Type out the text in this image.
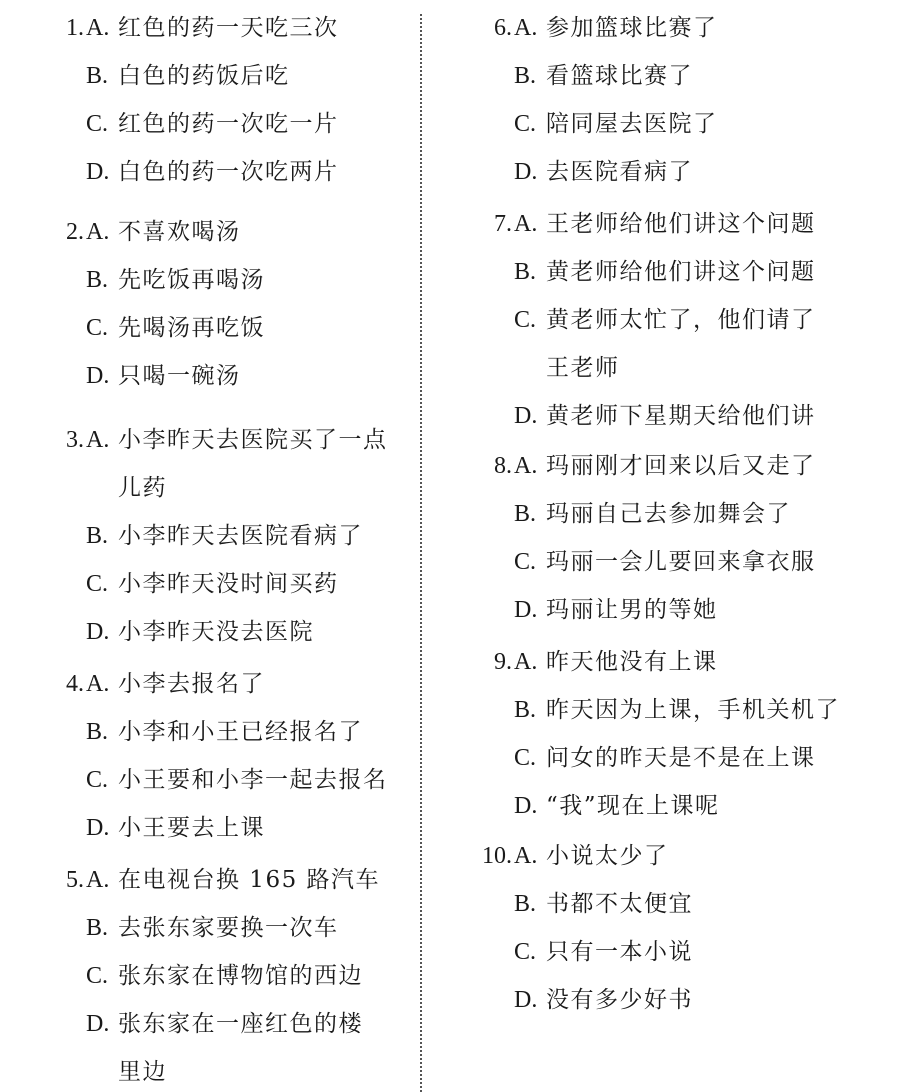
1. A. 红色的药一天吃三次
B. 白色的药饭后吃
C. 红色的药一次吃一片
D. 白色的药一次吃两片
2. A. 不喜欢喝汤
B. 先吃饭再喝汤
C. 先喝汤再吃饭
D. 只喝一碗汤
3. A. 小李昨天去医院买了一点
儿药
B. 小李昨天去医院看病了
C. 小李昨天没时间买药
D. 小李昨天没去医院
4. A. 小李去报名了
B. 小李和小王已经报名了
C. 小王要和小李一起去报名
D. 小王要去上课
5. A. 在电视台换 165 路汽车
B. 去张东家要换一次车
C. 张东家在博物馆的西边
D. 张东家在一座红色的楼
里边
6. A. 参加篮球比赛了
B. 看篮球比赛了
C. 陪同屋去医院了
D. 去医院看病了
7. A. 王老师给他们讲这个问题
B. 黄老师给他们讲这个问题
C. 黄老师太忙了，他们请了
王老师
D. 黄老师下星期天给他们讲
8. A. 玛丽刚才回来以后又走了
B. 玛丽自己去参加舞会了
C. 玛丽一会儿要回来拿衣服
D. 玛丽让男的等她
9. A. 昨天他没有上课
B. 昨天因为上课，手机关机了
C. 问女的昨天是不是在上课
D. “我”现在上课呢
10. A. 小说太少了
B. 书都不太便宜
C. 只有一本小说
D. 没有多少好书
